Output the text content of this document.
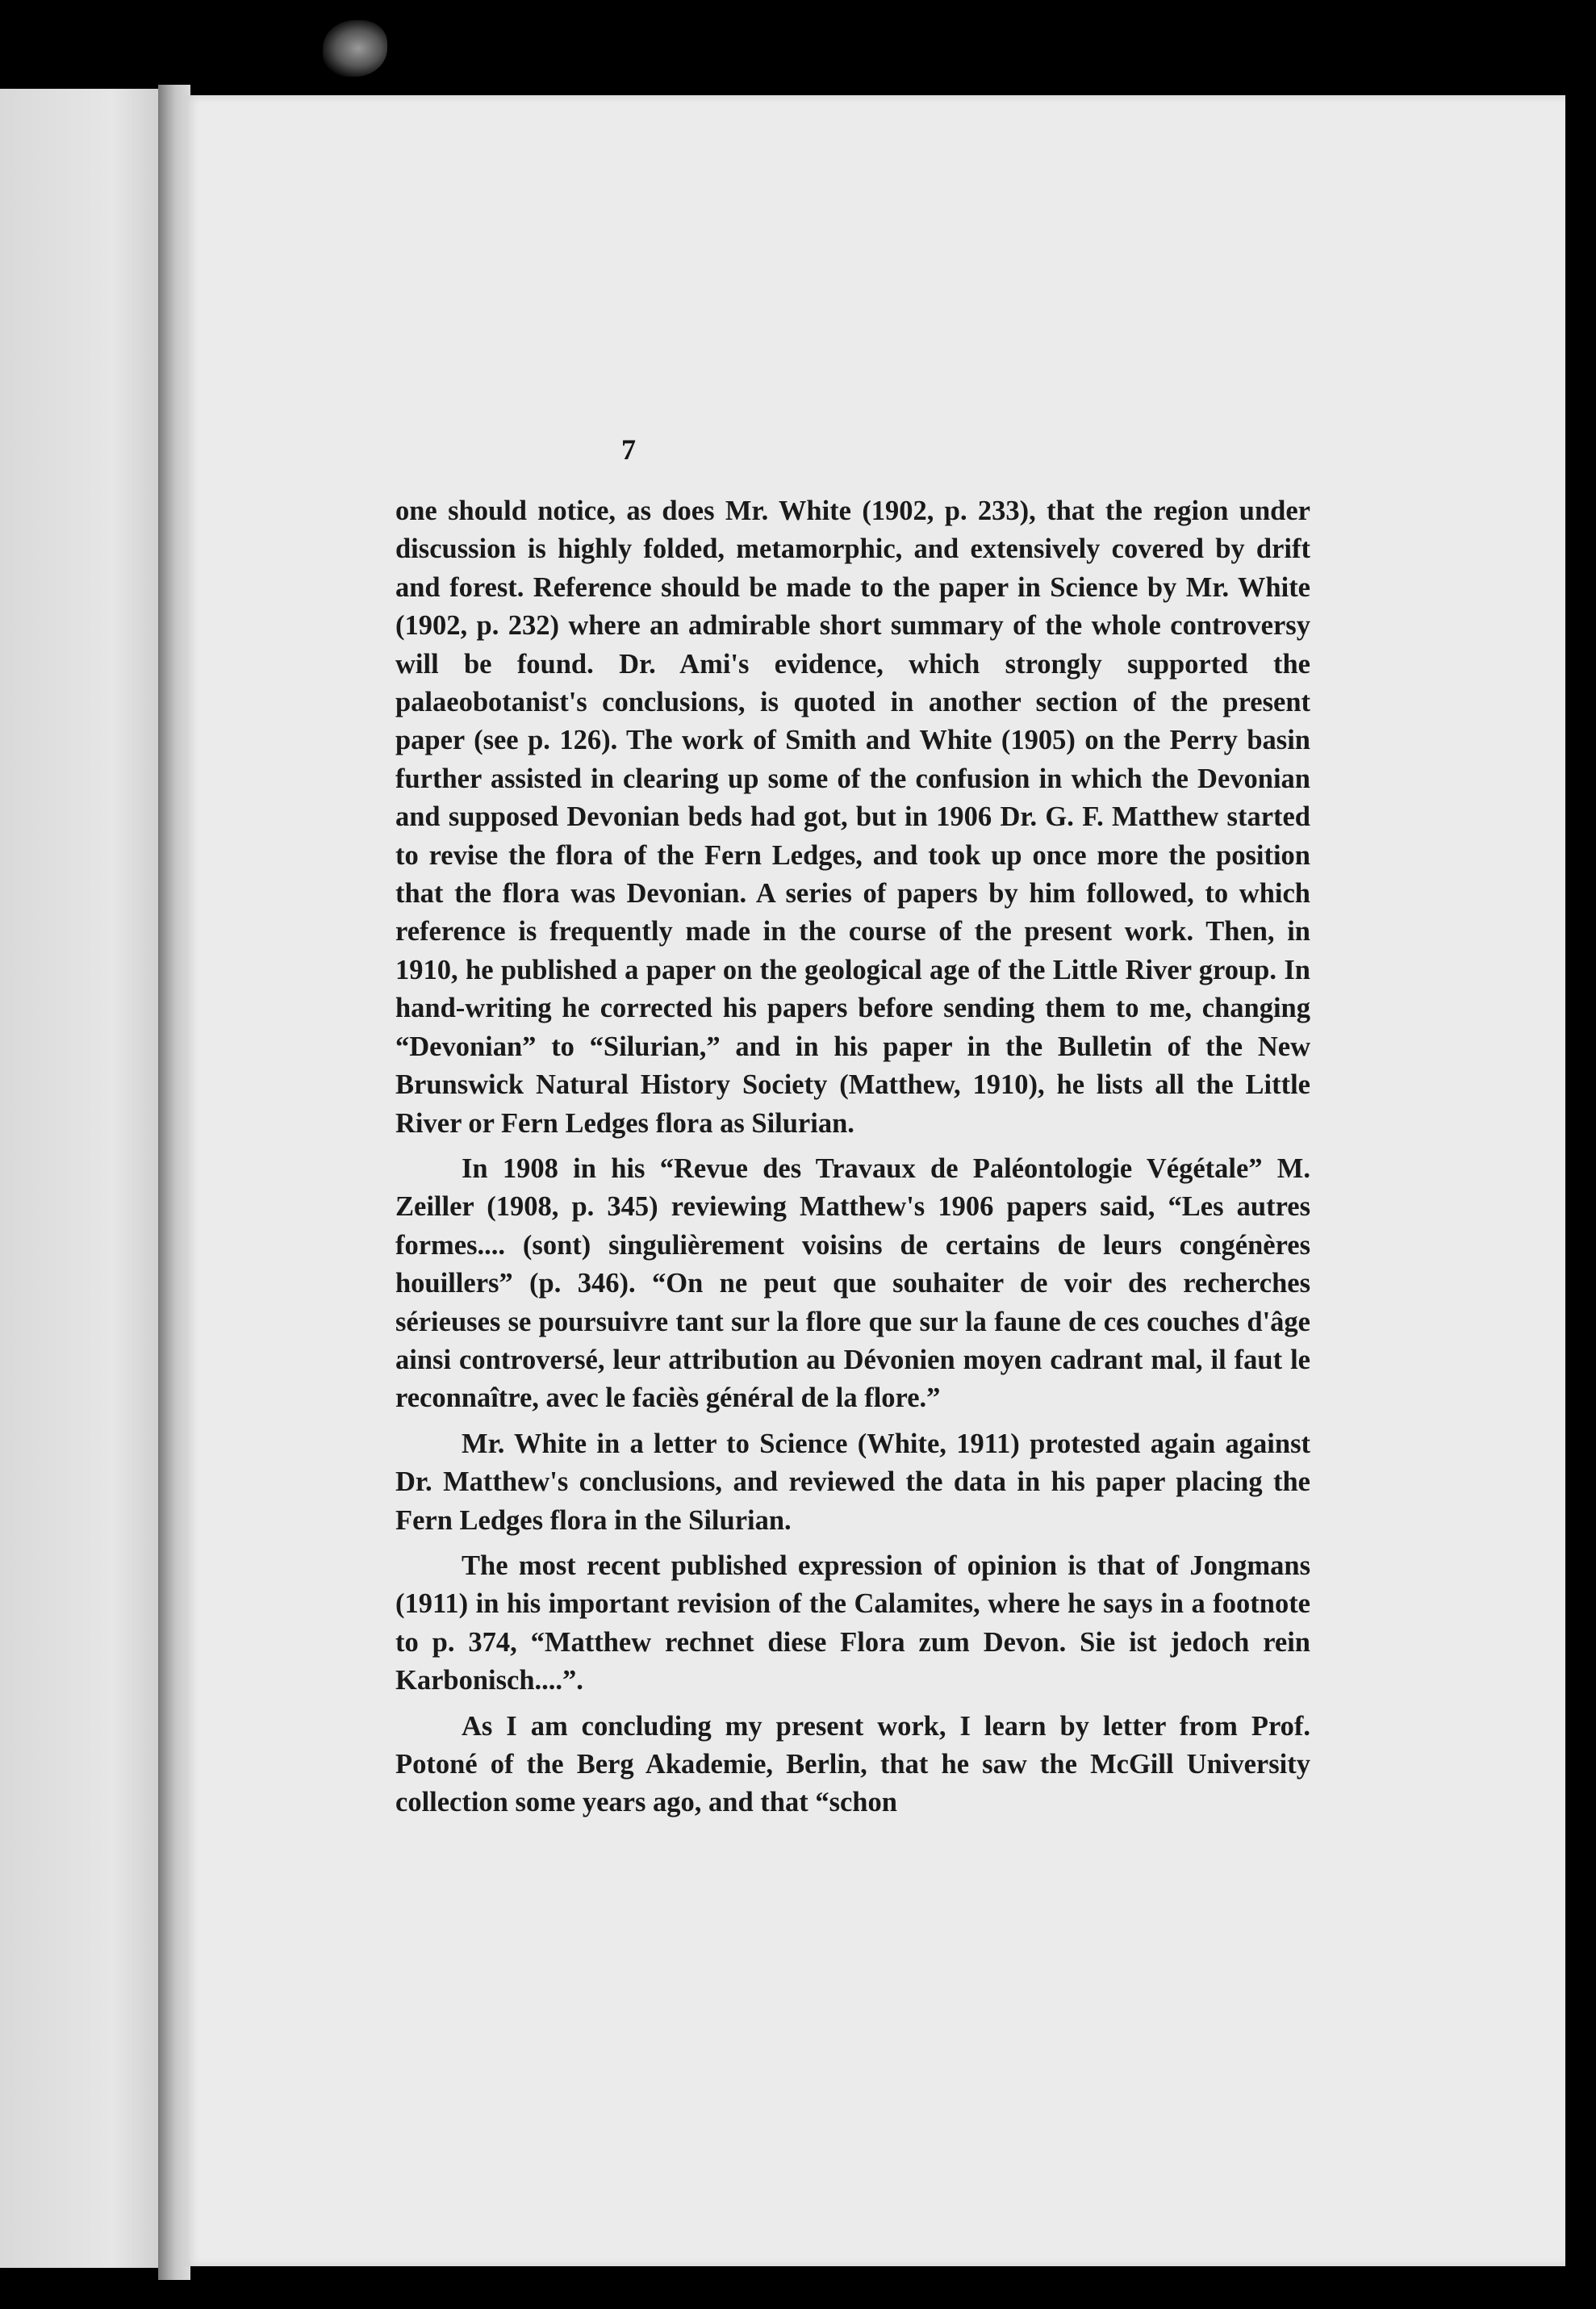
7

one should notice, as does Mr. White (1902, p. 233), that the region under discussion is highly folded, metamorphic, and extensively covered by drift and forest. Reference should be made to the paper in Science by Mr. White (1902, p. 232) where an admirable short summary of the whole controversy will be found. Dr. Ami's evidence, which strongly supported the palaeobotanist's conclusions, is quoted in another section of the present paper (see p. 126). The work of Smith and White (1905) on the Perry basin further assisted in clearing up some of the confusion in which the Devonian and supposed Devonian beds had got, but in 1906 Dr. G. F. Matthew started to revise the flora of the Fern Ledges, and took up once more the position that the flora was Devonian. A series of papers by him followed, to which reference is frequently made in the course of the present work. Then, in 1910, he published a paper on the geological age of the Little River group. In hand-writing he corrected his papers before sending them to me, changing “Devonian” to “Silurian,” and in his paper in the Bulletin of the New Brunswick Natural History Society (Matthew, 1910), he lists all the Little River or Fern Ledges flora as Silurian.

In 1908 in his “Revue des Travaux de Paléontologie Végétale” M. Zeiller (1908, p. 345) reviewing Matthew's 1906 papers said, “Les autres formes.... (sont) singulièrement voisins de certains de leurs congénères houillers” (p. 346). “On ne peut que souhaiter de voir des recherches sérieuses se poursuivre tant sur la flore que sur la faune de ces couches d'âge ainsi controversé, leur attribution au Dévonien moyen cadrant mal, il faut le reconnaître, avec le faciès général de la flore.”

Mr. White in a letter to Science (White, 1911) protested again against Dr. Matthew's conclusions, and reviewed the data in his paper placing the Fern Ledges flora in the Silurian.

The most recent published expression of opinion is that of Jongmans (1911) in his important revision of the Calamites, where he says in a footnote to p. 374, “Matthew rechnet diese Flora zum Devon. Sie ist jedoch rein Karbonisch....”.

As I am concluding my present work, I learn by letter from Prof. Potoné of the Berg Akademie, Berlin, that he saw the McGill University collection some years ago, and that “schon
